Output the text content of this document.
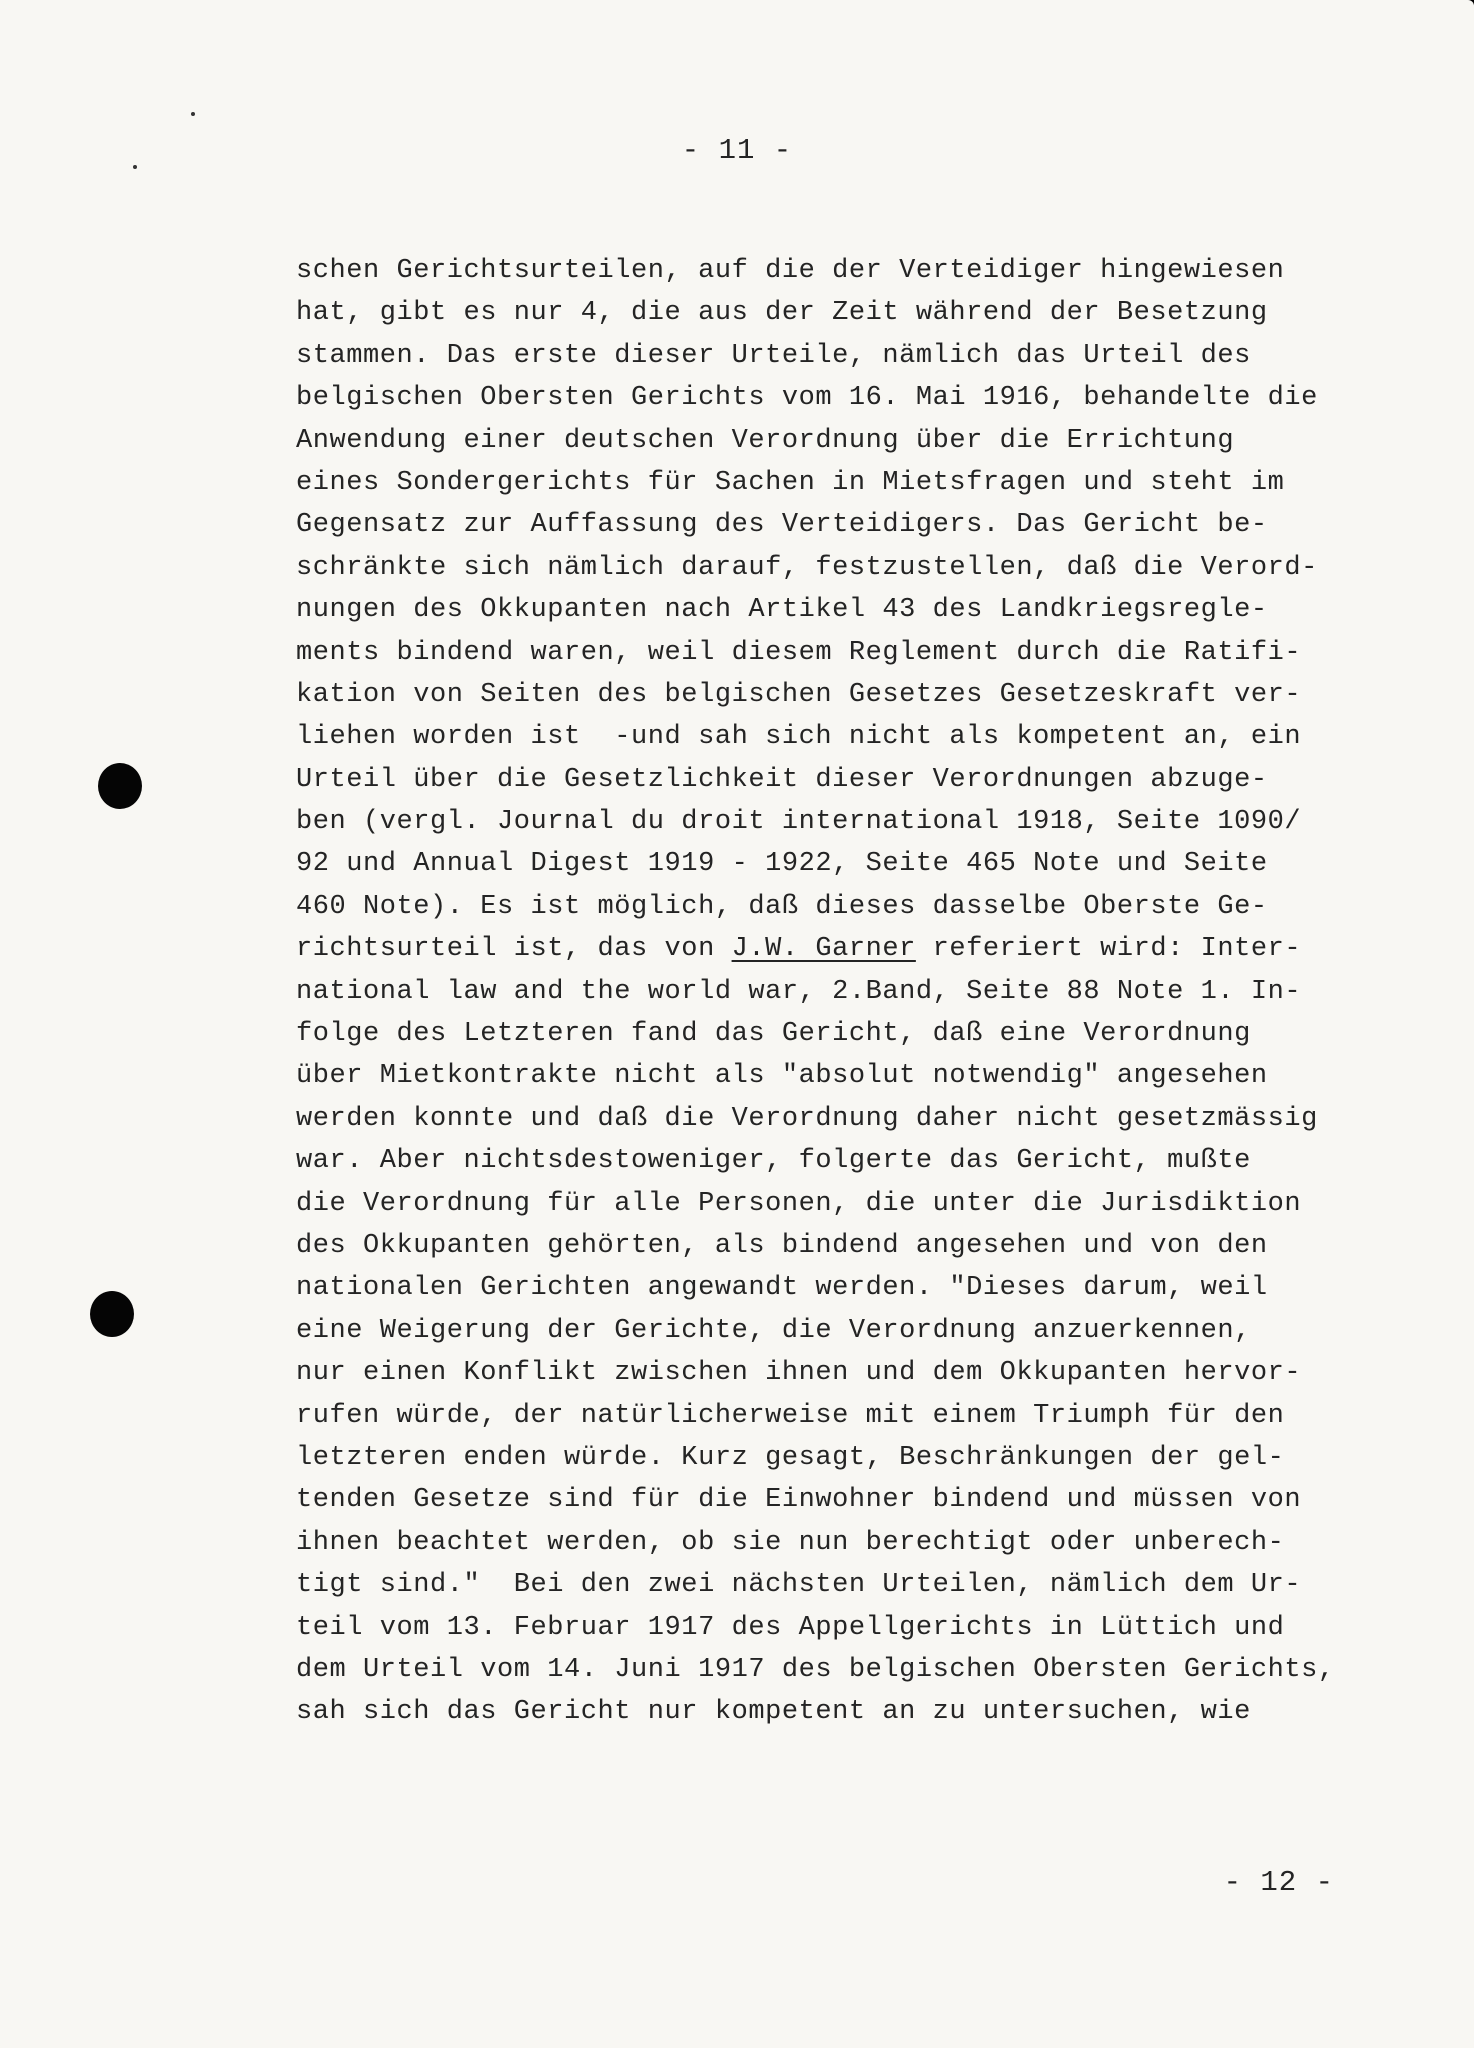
- 11 -
schen Gerichtsurteilen, auf die der Verteidiger hingewiesen
hat, gibt es nur 4, die aus der Zeit während der Besetzung
stammen. Das erste dieser Urteile, nämlich das Urteil des
belgischen Obersten Gerichts vom 16. Mai 1916, behandelte die
Anwendung einer deutschen Verordnung über die Errichtung
eines Sondergerichts für Sachen in Mietsfragen und steht im
Gegensatz zur Auffassung des Verteidigers. Das Gericht be-
schränkte sich nämlich darauf, festzustellen, daß die Verord-
nungen des Okkupanten nach Artikel 43 des Landkriegsregle-
ments bindend waren, weil diesem Reglement durch die Ratifi-
kation von Seiten des belgischen Gesetzes Gesetzeskraft ver-
liehen worden ist  -und sah sich nicht als kompetent an, ein
Urteil über die Gesetzlichkeit dieser Verordnungen abzuge-
ben (vergl. Journal du droit international 1918, Seite 1090/
92 und Annual Digest 1919 - 1922, Seite 465 Note und Seite
460 Note). Es ist möglich, daß dieses dasselbe Oberste Ge-
richtsurteil ist, das von J.W. Garner referiert wird: Inter-
national law and the world war, 2.Band, Seite 88 Note 1. In-
folge des Letzteren fand das Gericht, daß eine Verordnung
über Mietkontrakte nicht als "absolut notwendig" angesehen
werden konnte und daß die Verordnung daher nicht gesetzmässig
war. Aber nichtsdestoweniger, folgerte das Gericht, mußte
die Verordnung für alle Personen, die unter die Jurisdiktion
des Okkupanten gehörten, als bindend angesehen und von den
nationalen Gerichten angewandt werden. "Dieses darum, weil
eine Weigerung der Gerichte, die Verordnung anzuerkennen,
nur einen Konflikt zwischen ihnen und dem Okkupanten hervor-
rufen würde, der natürlicherweise mit einem Triumph für den
letzteren enden würde. Kurz gesagt, Beschränkungen der gel-
tenden Gesetze sind für die Einwohner bindend und müssen von
ihnen beachtet werden, ob sie nun berechtigt oder unberech-
tigt sind."  Bei den zwei nächsten Urteilen, nämlich dem Ur-
teil vom 13. Februar 1917 des Appellgerichts in Lüttich und
dem Urteil vom 14. Juni 1917 des belgischen Obersten Gerichts,
sah sich das Gericht nur kompetent an zu untersuchen, wie
- 12 -
